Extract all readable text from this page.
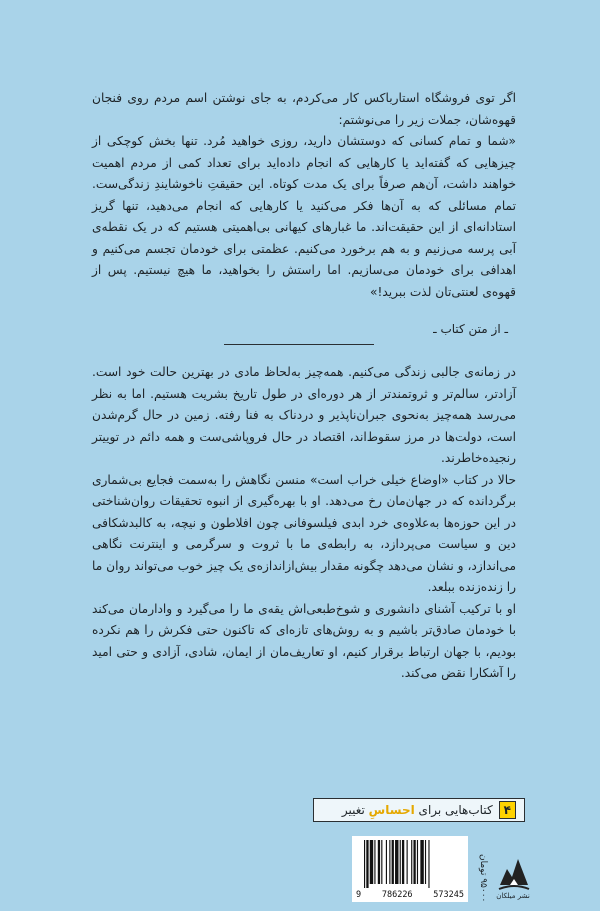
اگر توی فروشگاه استارباکس کار می‌کردم، به جای نوشتن اسم مردم روی فنجان قهوه‌شان، جملات زیر را می‌نوشتم:

«شما و تمام کسانی که دوستشان دارید، روزی خواهید مُرد. تنها بخش کوچکی از چیزهایی که گفته‌اید یا کارهایی که انجام داده‌اید برای تعداد کمی از مردم اهمیت خواهند داشت، آن‌هم صرفاً برای یک مدت کوتاه. این حقیقتِ ناخوشایندِ زندگی‌ست. تمام مسائلی که به آن‌ها فکر می‌کنید یا کارهایی که انجام می‌دهید، تنها گریز استادانه‌ای از این حقیقت‌اند. ما غبارهای کیهانی بی‌اهمیتی هستیم که در یک نقطه‌ی آبی پرسه می‌زنیم و به هم برخورد می‌کنیم. عظمتی برای خودمان تجسم می‌کنیم و اهدافی برای خودمان می‌سازیم. اما راستش را بخواهید، ما هیچ نیستیم. پس از قهوه‌ی لعنتی‌تان لذت ببرید!»

ـ از متن کتاب ـ

در زمانه‌ی جالبی زندگی می‌کنیم. همه‌چیز به‌لحاظ مادی در بهترین حالت خود است. آزادتر، سالم‌تر و ثروتمندتر از هر دوره‌ای در طول تاریخ بشریت هستیم. اما به نظر می‌رسد همه‌چیز به‌نحوی جبران‌ناپذیر و دردناک به فنا رفته. زمین در حال گرم‌شدن است، دولت‌ها در مرز سقوط‌اند، اقتصاد در حال فروپاشی‌ست و همه دائم در توییتر رنجیده‌خاطرند.

حالا در کتاب «اوضاع خیلی خراب است» منسن نگاهش را به‌سمت فجایع بی‌شماری برگردانده که در جهان‌مان رخ می‌دهد. او با بهره‌گیری از انبوه تحقیقات روان‌شناختی در این حوزه‌ها به‌علاوه‌ی خرد ابدی فیلسوفانی چون افلاطون و نیچه، به کالبدشکافی دین و سیاست می‌پردازد، به رابطه‌ی ما با ثروت و سرگرمی و اینترنت نگاهی می‌اندازد، و نشان می‌دهد چگونه مقدار بیش‌ازاندازه‌ی یک چیز خوب می‌تواند روان ما را زنده‌زنده ببلعد.

او با ترکیب آشنای دانشوری و شوخ‌طبعی‌اش یقه‌ی ما را می‌گیرد و وادارمان می‌کند با خودمان صادق‌تر باشیم و به روش‌های تازه‌ای که تاکنون حتی فکرش را هم نکرده بودیم، با جهان ارتباط برقرار کنیم، او تعاریف‌مان از ایمان، شادی، آزادی و حتی امید را آشکارا نقض می‌کند.

۴
کتاب‌هایی برای

احساسِ

تغییر
9 786226 573245
۹۵۰۰۰ تومان	نشر میلکان
